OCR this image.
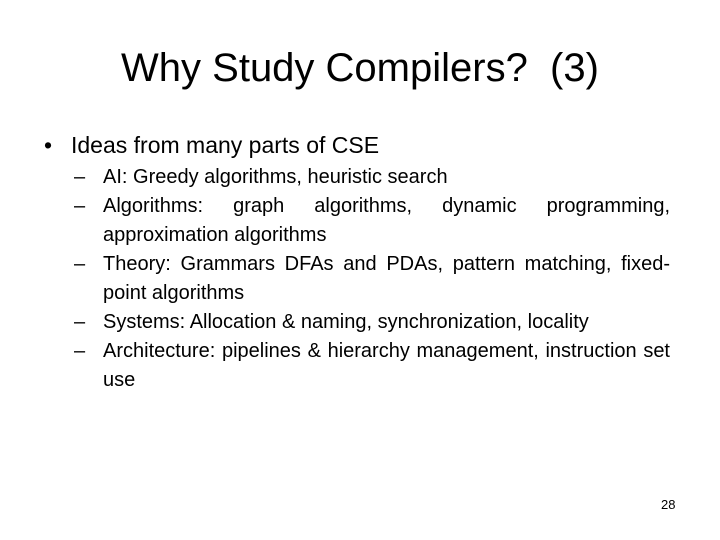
Why Study Compilers?  (3)
• Ideas from many parts of CSE
– AI: Greedy algorithms, heuristic search
– Algorithms: graph algorithms, dynamic programming, approximation algorithms
– Theory: Grammars DFAs and PDAs, pattern matching, fixed-point algorithms
– Systems: Allocation & naming, synchronization, locality
– Architecture: pipelines & hierarchy management, instruction set use
28
